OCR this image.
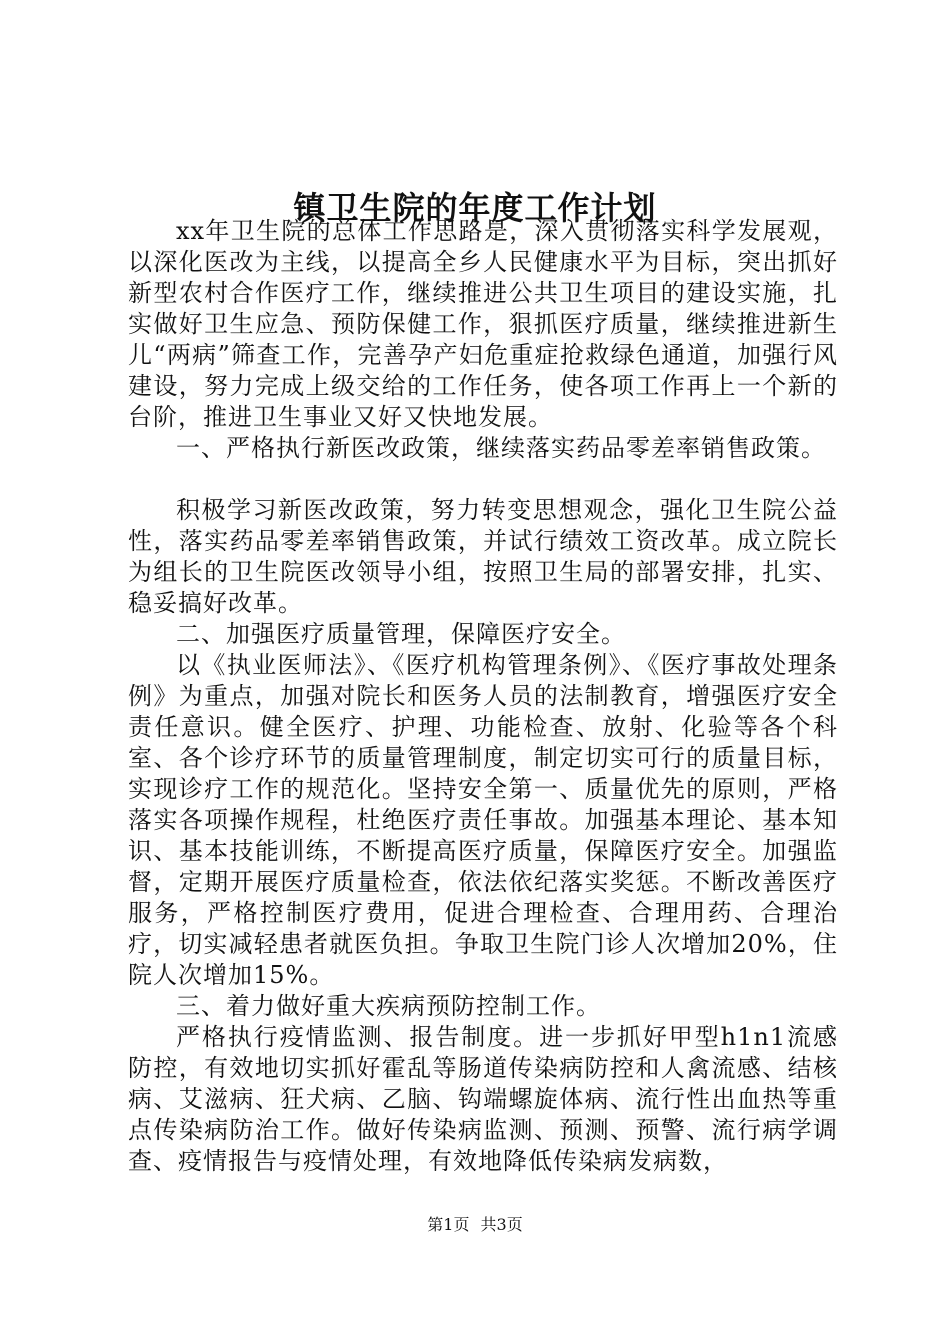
镇卫生院的年度工作计划

xx年卫生院的总体工作思路是，深入贯彻落实科学发展观，以深化医改为主线，以提高全乡人民健康水平为目标，突出抓好新型农村合作医疗工作，继续推进公共卫生项目的建设实施，扎实做好卫生应急、预防保健工作，狠抓医疗质量，继续推进新生儿“两病”筛查工作，完善孕产妇危重症抢救绿色通道，加强行风建设，努力完成上级交给的工作任务，使各项工作再上一个新的台阶，推进卫生事业又好又快地发展。

一、严格执行新医改政策，继续落实药品零差率销售政策。

积极学习新医改政策，努力转变思想观念，强化卫生院公益性，落实药品零差率销售政策，并试行绩效工资改革。成立院长为组长的卫生院医改领导小组，按照卫生局的部署安排，扎实、稳妥搞好改革。

二、加强医疗质量管理，保障医疗安全。

以《执业医师法》、《医疗机构管理条例》、《医疗事故处理条例》为重点，加强对院长和医务人员的法制教育，增强医疗安全责任意识。健全医疗、护理、功能检查、放射、化验等各个科室、各个诊疗环节的质量管理制度，制定切实可行的质量目标，实现诊疗工作的规范化。坚持安全第一、质量优先的原则，严格落实各项操作规程，杜绝医疗责任事故。加强基本理论、基本知识、基本技能训练，不断提高医疗质量，保障医疗安全。加强监督，定期开展医疗质量检查，依法依纪落实奖惩。不断改善医疗服务，严格控制医疗费用，促进合理检查、合理用药、合理治疗，切实减轻患者就医负担。争取卫生院门诊人次增加20%，住院人次增加15%。

三、着力做好重大疾病预防控制工作。

严格执行疫情监测、报告制度。进一步抓好甲型h1n1流感防控，有效地切实抓好霍乱等肠道传染病防控和人禽流感、结核病、艾滋病、狂犬病、乙脑、钩端螺旋体病、流行性出血热等重点传染病防治工作。做好传染病监测、预测、预警、流行病学调查、疫情报告与疫情处理，有效地降低传染病发病数，

第1页 共3页
